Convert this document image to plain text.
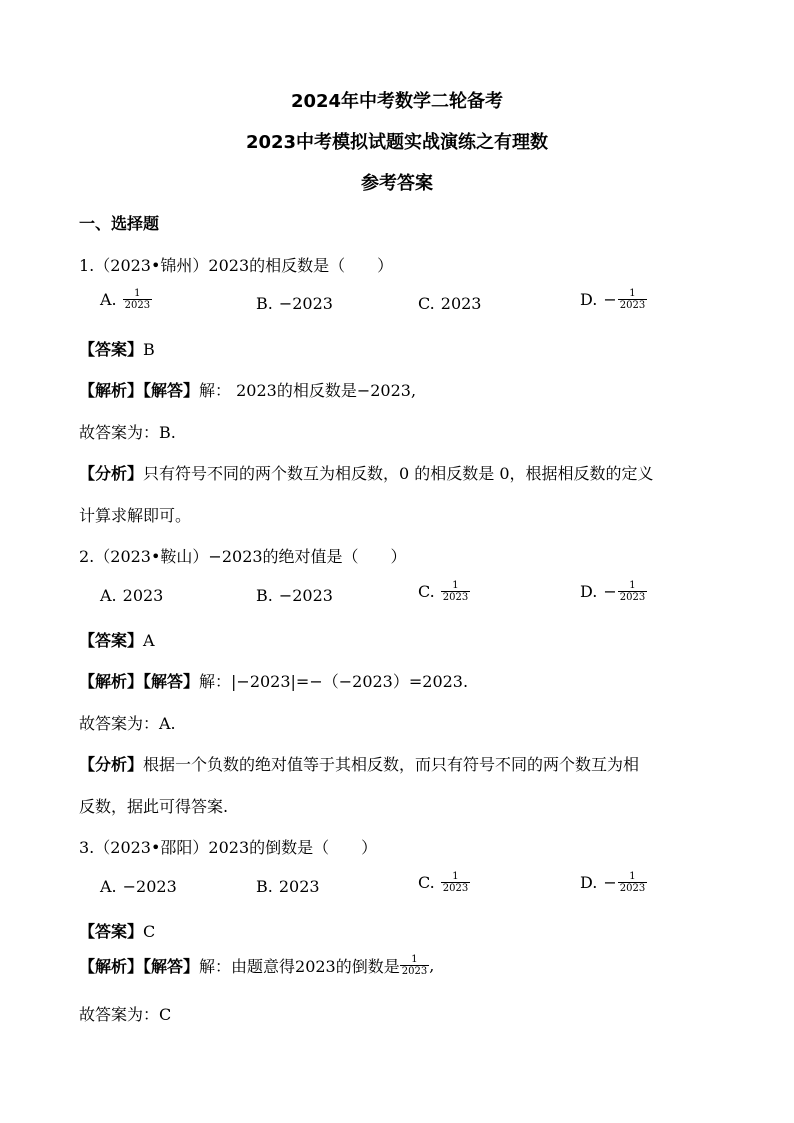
2024年中考数学二轮备考
2023中考模拟试题实战演练之有理数
参考答案
一、选择题
1.（2023•锦州）2023的相反数是（　　）
A. $\frac{1}{2023}$	B. −2023	C. 2023	D. − $\frac{1}{2023}$
【答案】B
【解析】【解答】解： 2023的相反数是−2023,
故答案为：B.
【分析】只有符号不同的两个数互为相反数，0 的相反数是 0，根据相反数的定义
计算求解即可。
2.（2023•鞍山）−2023的绝对值是（　　）
A. 2023	B. −2023	C. $\frac{1}{2023}$	D. − $\frac{1}{2023}$
【答案】A
【解析】【解答】解：|−2023|=−（−2023）=2023.
故答案为：A.
【分析】根据一个负数的绝对值等于其相反数，而只有符号不同的两个数互为相
反数，据此可得答案.
3.（2023•邵阳）2023的倒数是（　　）
A. −2023	B. 2023	C. $\frac{1}{2023}$	D. − $\frac{1}{2023}$
【答案】C
【解析】【解答】 解：由题意得2023的倒数是 $\frac{1}{2023}$ ,
故答案为：C
